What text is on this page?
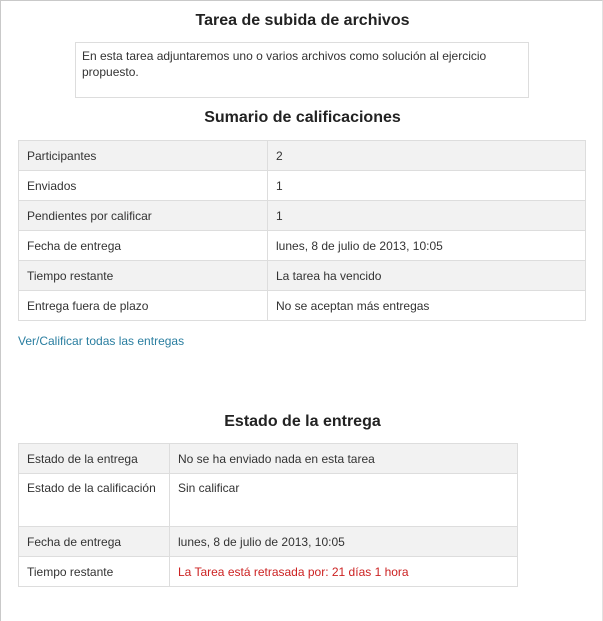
Tarea de subida de archivos
En esta tarea adjuntaremos uno o varios archivos como solución al ejercicio propuesto.
Sumario de calificaciones
Participantes	2
Enviados	1
Pendientes por calificar	1
Fecha de entrega	lunes, 8 de julio de 2013, 10:05
Tiempo restante	La tarea ha vencido
Entrega fuera de plazo	No se aceptan más entregas
Ver/Calificar todas las entregas
Estado de la entrega
Estado de la entrega	No se ha enviado nada en esta tarea
Estado de la calificación	Sin calificar
Fecha de entrega	lunes, 8 de julio de 2013, 10:05
Tiempo restante	La Tarea está retrasada por: 21 días 1 hora
